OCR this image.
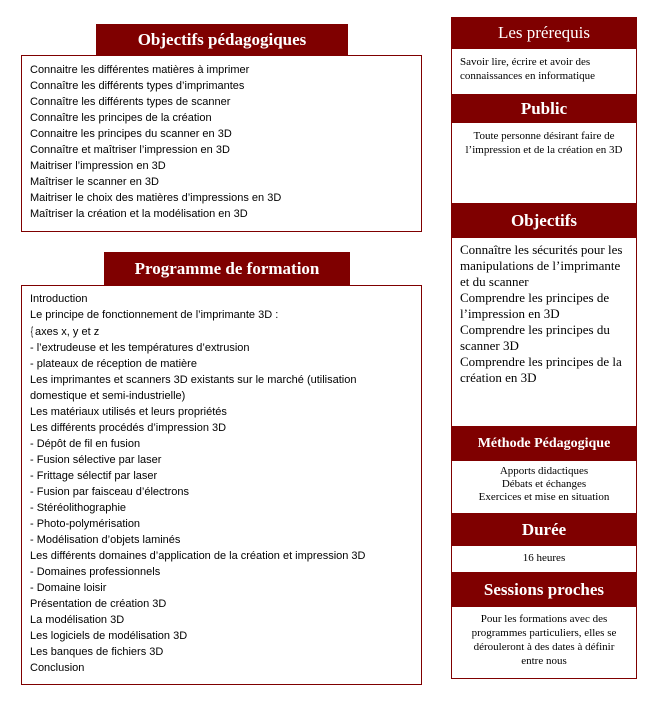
Objectifs pédagogiques
Connaitre les différentes matières à imprimer
Connaître les différents types d’imprimantes
Connaître les différents types de scanner
Connaître les principes de la création
Connaitre les principes du scanner en 3D
Connaître et maîtriser l’impression en 3D
Maitriser l’impression en 3D
Maîtriser le scanner en 3D
Maitriser le choix des matières d’impressions en 3D
Maîtriser la création et la modélisation en 3D
Programme de formation
Introduction
Le principe de fonctionnement de l’imprimante 3D :
{ axes x, y et z
- l’extrudeuse et les températures d’extrusion
- plateaux de réception de matière
Les imprimantes et scanners 3D existants sur le marché (utilisation
domestique et semi-industrielle)
Les matériaux utilisés et leurs propriétés
Les différents procédés d’impression 3D
- Dépôt de fil en fusion
- Fusion sélective par laser
- Frittage sélectif par laser
- Fusion par faisceau d’électrons
- Stéréolithographie
- Photo-polymérisation
- Modélisation d’objets laminés
Les différents domaines d’application de la création et impression 3D
- Domaines professionnels
- Domaine loisir
Présentation de création 3D
La modélisation 3D
Les logiciels de modélisation 3D
Les banques de fichiers 3D
Conclusion
Les prérequis
Savoir lire, écrire et avoir des connaissances en informatique
Public
Toute personne désirant faire de l’impression et de la création en 3D
Objectifs
Connaître les sécurités pour les manipulations de l’imprimante et du scanner
Comprendre les principes de l’impression en 3D
Comprendre les principes du scanner 3D
Comprendre les principes de la création en 3D
Méthode Pédagogique
Apports didactiques
Débats et échanges
Exercices et mise en situation
Durée
16 heures
Sessions proches
Pour les formations avec des programmes particuliers, elles se dérouleront à des dates à définir entre nous
